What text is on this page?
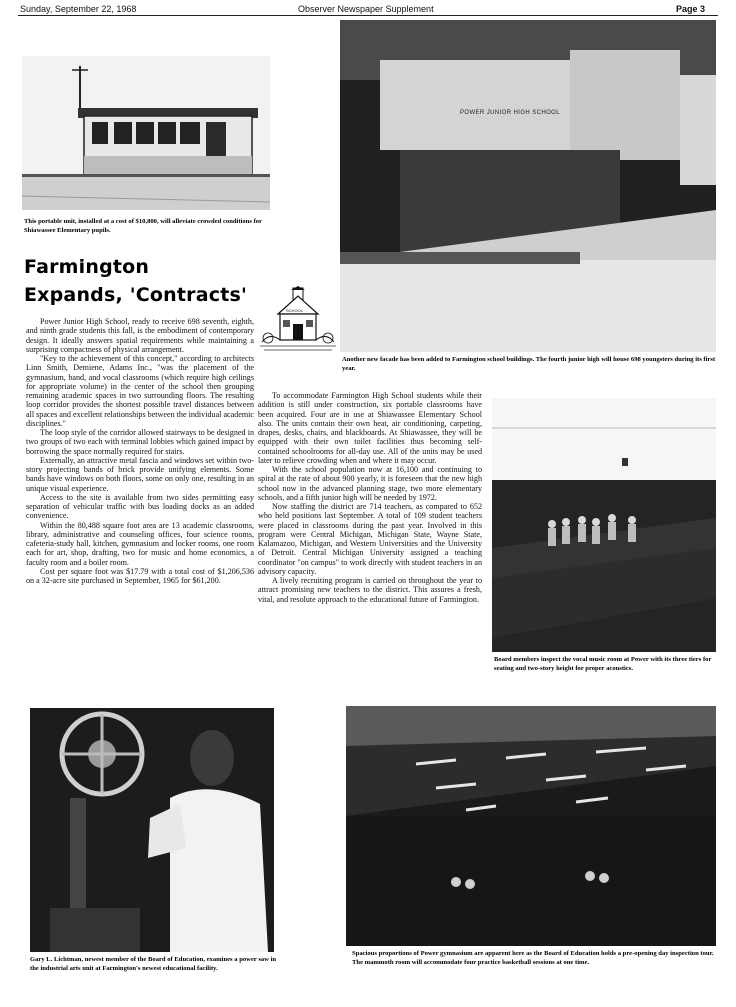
Sunday, September 22, 1968	Observer Newspaper Supplement	Page 3
This portable unit, installed at a cost of $10,800, will alleviate crowded conditions for Shiawassee Elementary pupils.
POWER JUNIOR HIGH SCHOOL
Another new facade has been added to Farmington school buildings. The fourth junior high will house 698 youngsters during its first year.
Farmington
Expands, 'Contracts'
SCHOOL

Power Junior High School, ready to receive 698 seventh, eighth, and ninth grade students this fall, is the embodiment of contemporary design. It ideally answers spatial requirements while maintaining a surprising compactness of physical arrangement.

"Key to the achievement of this concept," according to architects Linn Smith, Demiene, Adams Inc., "was the placement of the gymnasium, band, and vocal classrooms (which require high ceilings for appropriate volume) in the center of the school then grouping remaining academic spaces in two surrounding floors. The resulting loop corridor provides the shortest possible travel distances between all spaces and excellent relationships between the individual academic disciplines."

The loop style of the corridor allowed stairways to be designed in two groups of two each with terminal lobbies which gained impact by borrowing the space normally required for stairs.

Externally, an attractive metal fascia and windows set within two-story projecting bands of brick provide unifying elements. Some bands have windows on both floors, some on only one, resulting in an unique visual experience.

Access to the site is available from two sides permitting easy separation of vehicular traffic with bus loading docks as an added convenience.

Within the 80,488 square foot area are 13 academic classrooms, library, administrative and counseling offices, four science rooms, cafeteria-study hall, kitchen, gymnasium and locker rooms, one room each for art, shop, drafting, two for music and home economics, a faculty room and a boiler room.

Cost per square foot was $17.79 with a total cost of $1,206,536 on a 32-acre site purchased in September, 1965 for $61,200.

To accommodate Farmington High School students while their addition is still under construction, six portable classrooms have been acquired. Four are in use at Shiawassee Elementary School also. The units contain their own heat, air conditioning, carpeting, drapes, desks, chairs, and blackboards. At Shiawassee, they will be equipped with their own toilet facilities thus becoming self-contained schoolrooms for all-day use. All of the units may be used later to relieve crowding when and where it may occur.

With the school population now at 16,100 and continuing to spiral at the rate of about 900 yearly, it is foreseen that the new high school now in the advanced planning stage, two more elementary schools, and a fifth junior high will be needed by 1972.

Now staffing the district are 714 teachers, as compared to 652 who held positions last September. A total of 109 student teachers were placed in classrooms during the past year. Involved in this program were Central Michigan, Michigan State, Wayne State, Kalamazoo, Michigan, and Western Universities and the University of Detroit. Central Michigan University assigned a teaching coordinator "on campus" to work directly with student teachers in an advisory capacity.

A lively recruiting program is carried on throughout the year to attract promising new teachers to the district. This assures a fresh, vital, and resolute approach to the educational future of Farmington.

Board members inspect the vocal music room at Power with its three tiers for seating and two-story height for proper acoustics.
Gary L. Lichtman, newest member of the Board of Education, examines a power saw in the industrial arts unit at Farmington's newest educational facility.
Spacious proportions of Power gymnasium are apparent here as the Board of Education holds a pre-opening day inspection tour. The mammoth room will accommodate four practice basketball sessions at one time.
